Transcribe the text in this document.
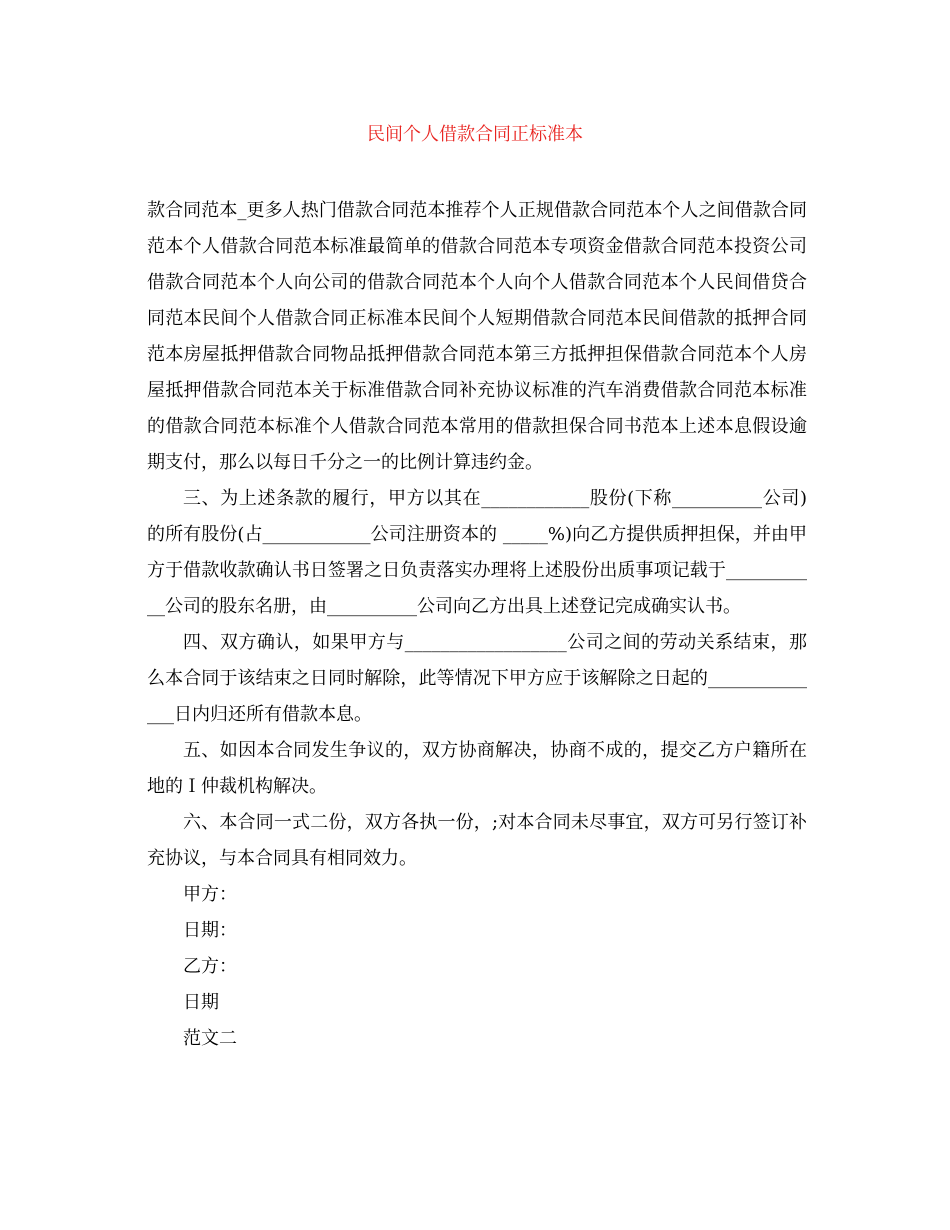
民间个人借款合同正标准本

款合同范本_更多人热门借款合同范本推荐个人正规借款合同范本个人之间借款合同范本个人借款合同范本标准最简单的借款合同范本专项资金借款合同范本投资公司借款合同范本个人向公司的借款合同范本个人向个人借款合同范本个人民间借贷合同范本民间个人借款合同正标准本民间个人短期借款合同范本民间借款的抵押合同范本房屋抵押借款合同物品抵押借款合同范本第三方抵押担保借款合同范本个人房屋抵押借款合同范本关于标准借款合同补充协议标准的汽车消费借款合同范本标准的借款合同范本标准个人借款合同范本常用的借款担保合同书范本上述本息假设逾期支付，那么以每日千分之一的比例计算违约金。

三、为上述条款的履行，甲方以其在____________股份(下称__________公司)的所有股份(占____________公司注册资本的 _____%)向乙方提供质押担保，并由甲方于借款收款确认书日签署之日负责落实办理将上述股份出质事项记载于___________公司的股东名册，由__________公司向乙方出具上述登记完成确实认书。

四、双方确认，如果甲方与__________________公司之间的劳动关系结束，那么本合同于该结束之日同时解除，此等情况下甲方应于该解除之日起的______________日内归还所有借款本息。

五、如因本合同发生争议的，双方协商解决，协商不成的，提交乙方户籍所在地的Ｉ仲裁机构解决。

六、本合同一式二份，双方各执一份，;对本合同未尽事宜，双方可另行签订补充协议，与本合同具有相同效力。

甲方：

日期：

乙方：

日期

范文二
